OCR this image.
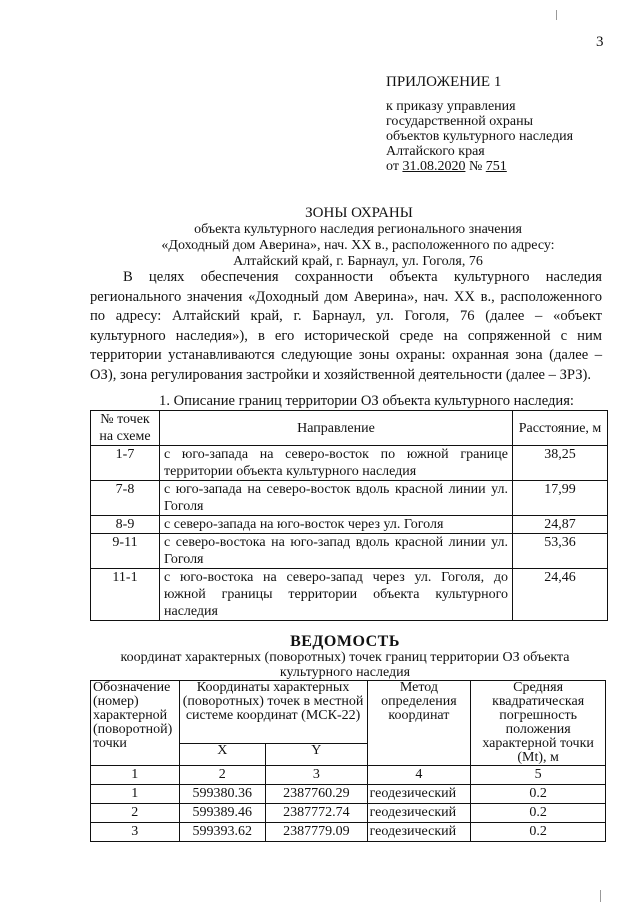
3
ПРИЛОЖЕНИЕ 1
к приказу управления
государственной охраны
объектов культурного наследия
Алтайского края
от 31.08.2020 № 751
ЗОНЫ ОХРАНЫ
объекта культурного наследия регионального значения
«Доходный дом Аверина», нач. ХХ в., расположенного по адресу:
Алтайский край, г. Барнаул, ул. Гоголя, 76

В целях обеспечения сохранности объекта культурного наследия регионального значения «Доходный дом Аверина», нач. ХХ в., расположенного по адресу: Алтайский край, г. Барнаул, ул. Гоголя, 76 (далее – «объект культурного наследия»), в его исторической среде на сопряженной с ним территории устанавливаются следующие зоны охраны: охранная зона (далее – ОЗ), зона регулирования застройки и хозяйственной деятельности (далее – ЗРЗ).

1. Описание границ территории ОЗ объекта культурного наследия:
№ точек на схеме	Направление	Расстояние, м
1-7	с юго-запада на северо-восток по южной границе территории объекта культурного наследия	38,25
7-8	с юго-запада на северо-восток вдоль красной линии ул. Гоголя	17,99
8-9	с северо-запада на юго-восток через ул. Гоголя	24,87
9-11	с северо-востока на юго-запад вдоль красной линии ул. Гоголя	53,36
11-1	с юго-востока на северо-запад через ул. Гоголя, до южной границы территории объекта культурного наследия	24,46
ВЕДОМОСТЬ
координат характерных (поворотных) точек границ территории ОЗ объекта
культурного наследия
Обозначение (номер) характерной (поворотной) точки	Координаты характерных (поворотных) точек в местной системе координат (МСК-22)		Метод определения координат	Средняя квадратическая погрешность положения характерной точки (Mt), м
	X	Y		
1	2	3	4	5
1	599380.36	2387760.29	геодезический	0.2
2	599389.46	2387772.74	геодезический	0.2
3	599393.62	2387779.09	геодезический	0.2
